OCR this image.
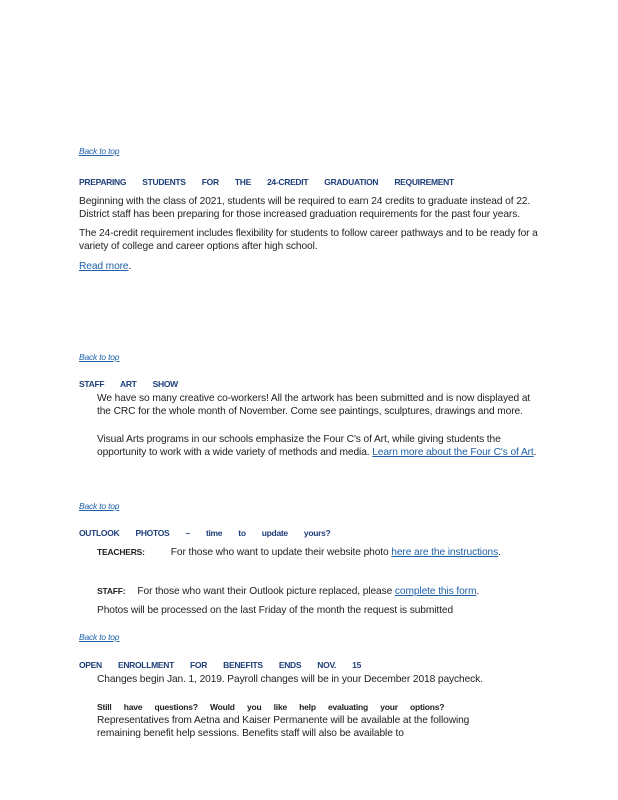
Back to top
PREPARING STUDENTS FOR THE 24-CREDIT GRADUATION REQUIREMENT
Beginning with the class of 2021, students will be required to earn 24 credits to graduate instead of 22. District staff has been preparing for those increased graduation requirements for the past four years.
The 24-credit requirement includes flexibility for students to follow career pathways and to be ready for a variety of college and career options after high school.
Read more.
Back to top
STAFF ART SHOW
We have so many creative co-workers! All the artwork has been submitted and is now displayed at the CRC for the whole month of November. Come see paintings, sculptures, drawings and more.
Visual Arts programs in our schools emphasize the Four C's of Art, while giving students the opportunity to work with a wide variety of methods and media. Learn more about the Four C's of Art.
Back to top
OUTLOOK PHOTOS – time to update yours?
TEACHERS:	For those who want to update their website photo here are the instructions.
STAFF: For those who want their Outlook picture replaced, please complete this form.
Photos will be processed on the last Friday of the month the request is submitted
Back to top
OPEN ENROLLMENT FOR BENEFITS ENDS NOV. 15
Changes begin Jan. 1, 2019. Payroll changes will be in your December 2018 paycheck.
Still have questions? Would you like help evaluating your options?
Representatives from Aetna and Kaiser Permanente will be available at the following remaining benefit help sessions. Benefits staff will also be available to
